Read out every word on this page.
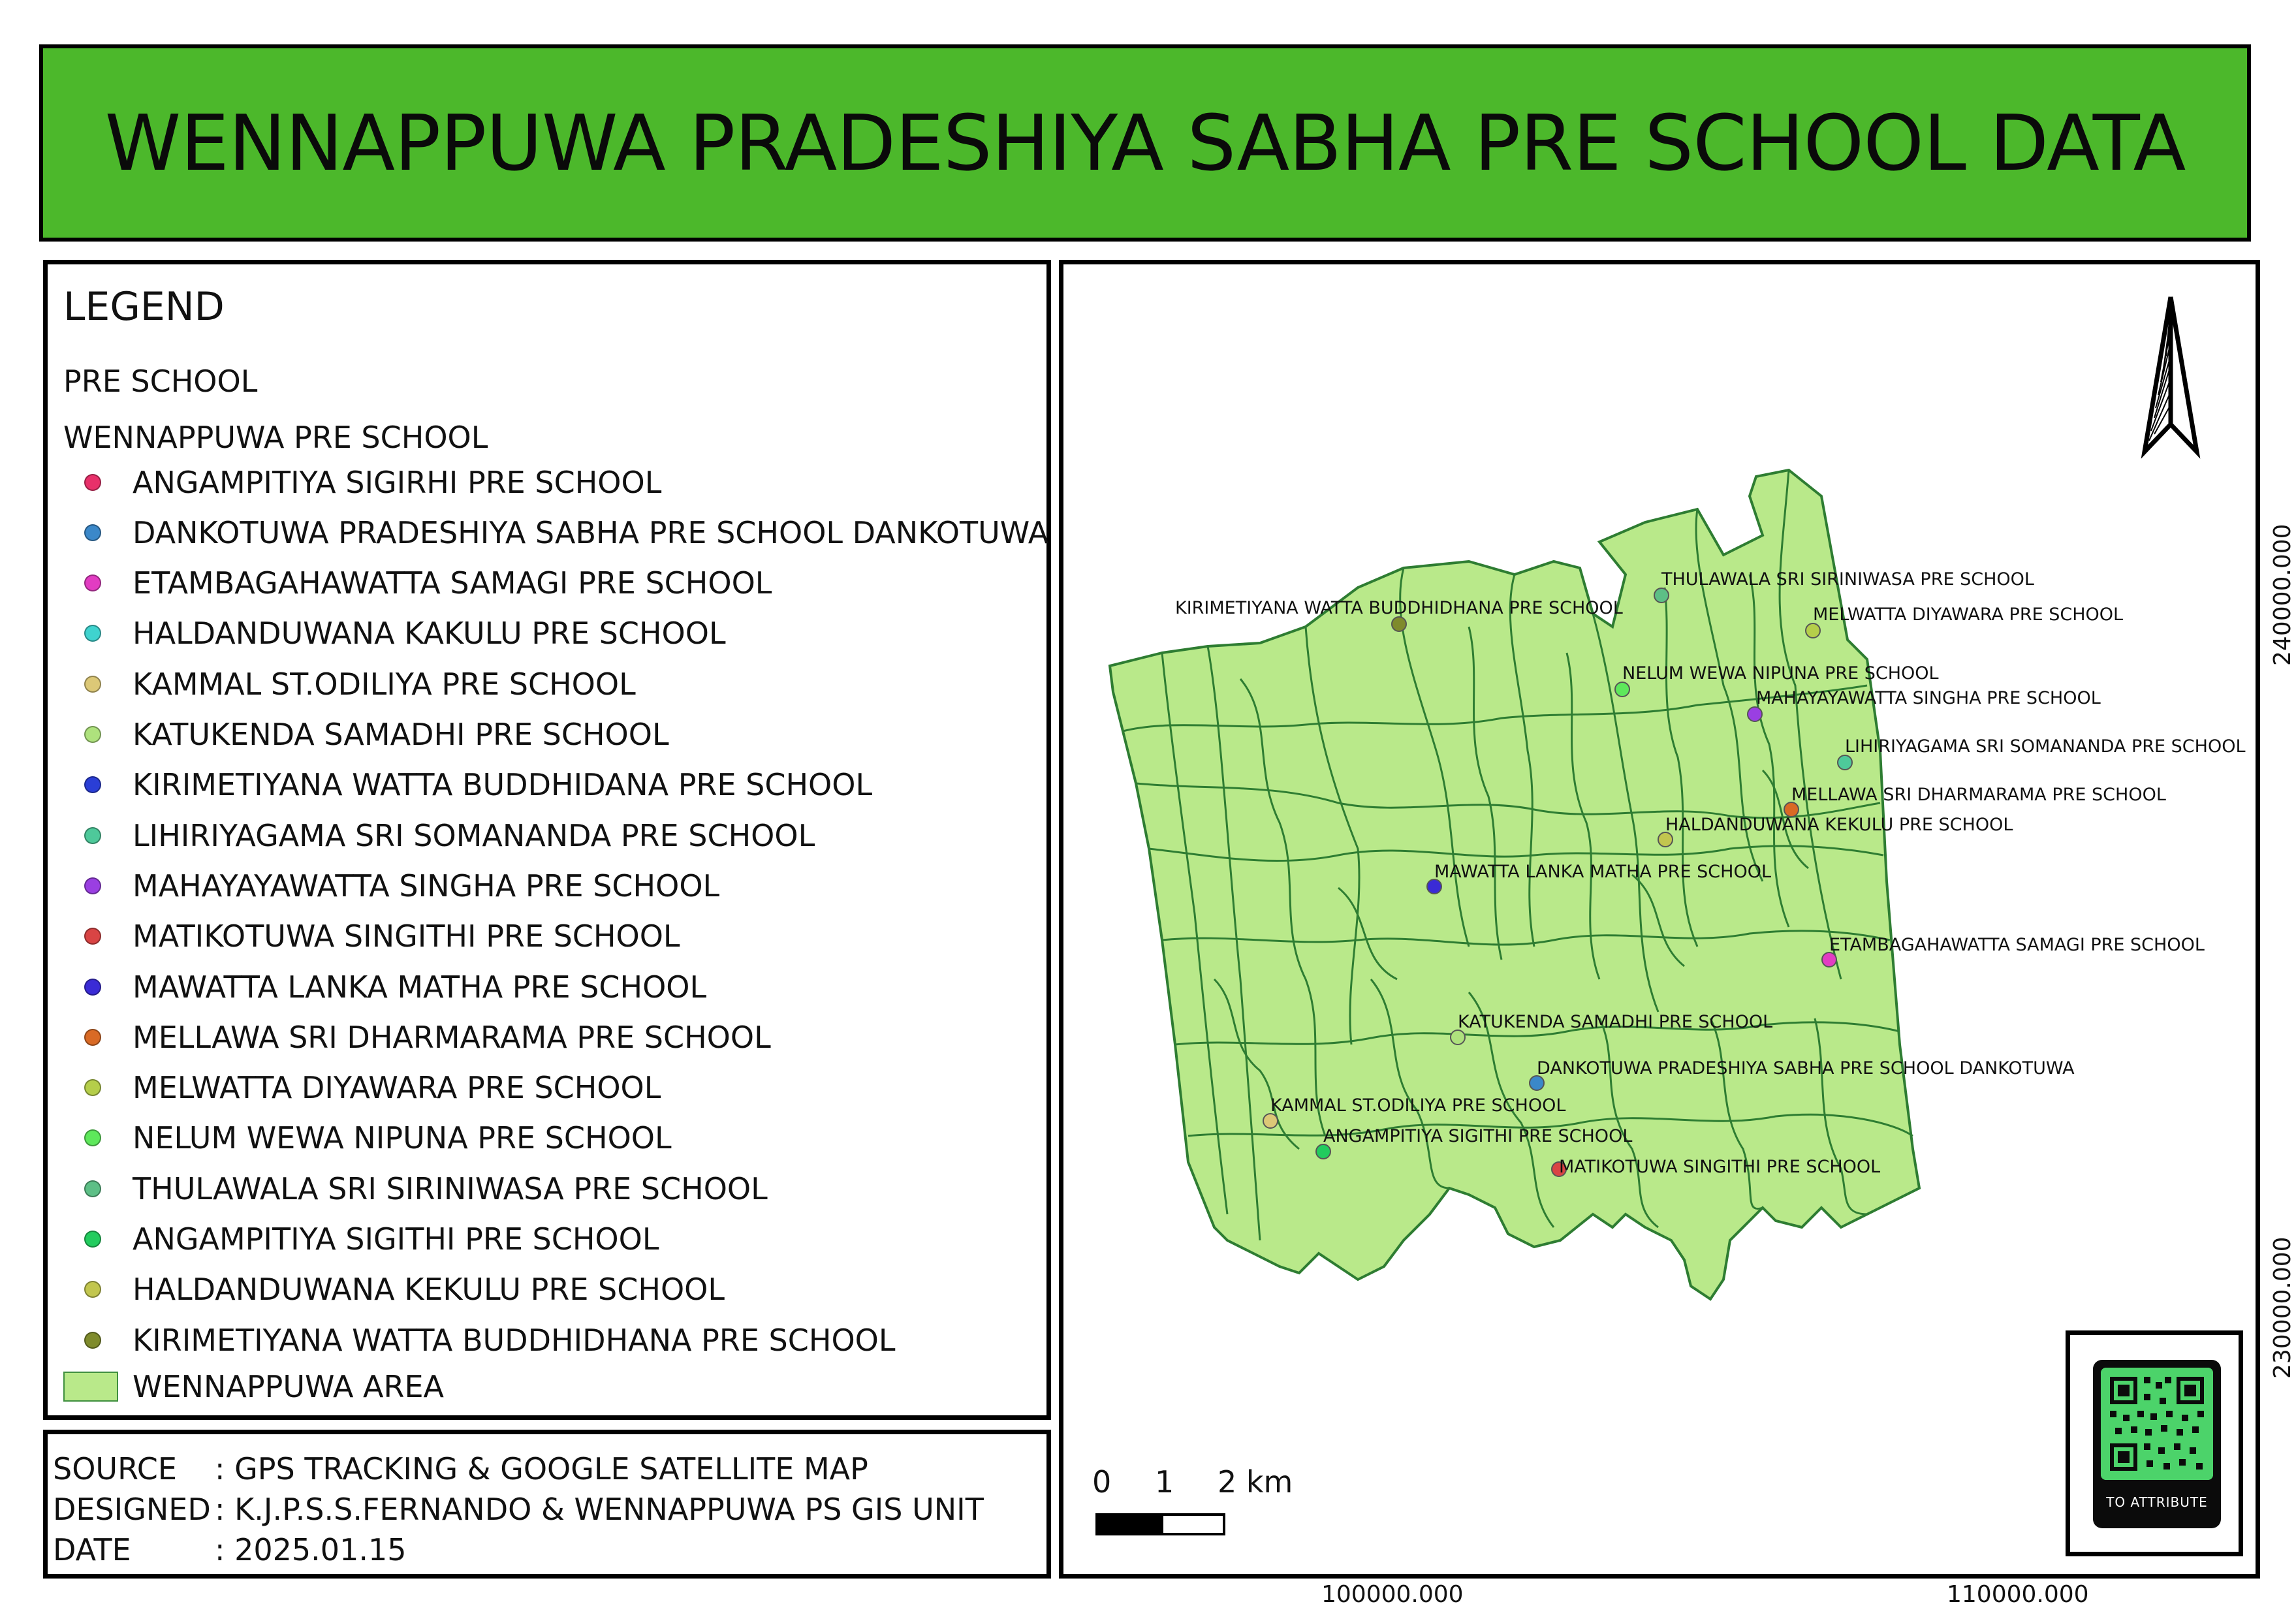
WENNAPPUWA PRADESHIYA SABHA PRE SCHOOL DATA
LEGEND
PRE SCHOOL
WENNAPPUWA PRE SCHOOL
ANGAMPITIYA SIGIRHI PRE SCHOOL
DANKOTUWA PRADESHIYA SABHA PRE SCHOOL DANKOTUWA
ETAMBAGAHAWATTA SAMAGI PRE SCHOOL
HALDANDUWANA KAKULU PRE SCHOOL
KAMMAL ST.ODILIYA PRE SCHOOL
KATUKENDA SAMADHI PRE SCHOOL
KIRIMETIYANA WATTA BUDDHIDANA PRE SCHOOL
LIHIRIYAGAMA SRI SOMANANDA PRE SCHOOL
MAHAYAYAWATTA SINGHA PRE SCHOOL
MATIKOTUWA SINGITHI PRE SCHOOL
MAWATTA LANKA MATHA PRE SCHOOL
MELLAWA SRI DHARMARAMA PRE SCHOOL
MELWATTA DIYAWARA PRE SCHOOL
NELUM WEWA NIPUNA PRE SCHOOL
THULAWALA SRI SIRINIWASA PRE SCHOOL
ANGAMPITIYA SIGITHI PRE SCHOOL
HALDANDUWANA KEKULU PRE SCHOOL
KIRIMETIYANA WATTA BUDDHIDHANA PRE SCHOOL
WENNAPPUWA AREA
SOURCE : GPS TRACKING & GOOGLE SATELLITE MAP
DESIGNED : K.J.P.S.S.FERNANDO & WENNAPPUWA PS GIS UNIT
DATE	: 2025.01.15
KIRIMETIYANA WATTA BUDDHIDHANA PRE SCHOOL
THULAWALA SRI SIRINIWASA PRE SCHOOL
MELWATTA DIYAWARA PRE SCHOOL
NELUM WEWA NIPUNA PRE SCHOOL
MAHAYAYAWATTA SINGHA PRE SCHOOL
LIHIRIYAGAMA SRI SOMANANDA PRE SCHOOL
MELLAWA SRI DHARMARAMA PRE SCHOOL
HALDANDUWANA KEKULU PRE SCHOOL
MAWATTA LANKA MATHA PRE SCHOOL
ETAMBAGAHAWATTA SAMAGI PRE SCHOOL
KATUKENDA SAMADHI PRE SCHOOL
DANKOTUWA PRADESHIYA SABHA PRE SCHOOL DANKOTUWA
KAMMAL ST.ODILIYA PRE SCHOOL
ANGAMPITIYA SIGITHI PRE SCHOOL
MATIKOTUWA SINGITHI PRE SCHOOL
0 1 2 km
240000.000
230000.000
100000.000	110000.000
TO ATTRIBUTE
